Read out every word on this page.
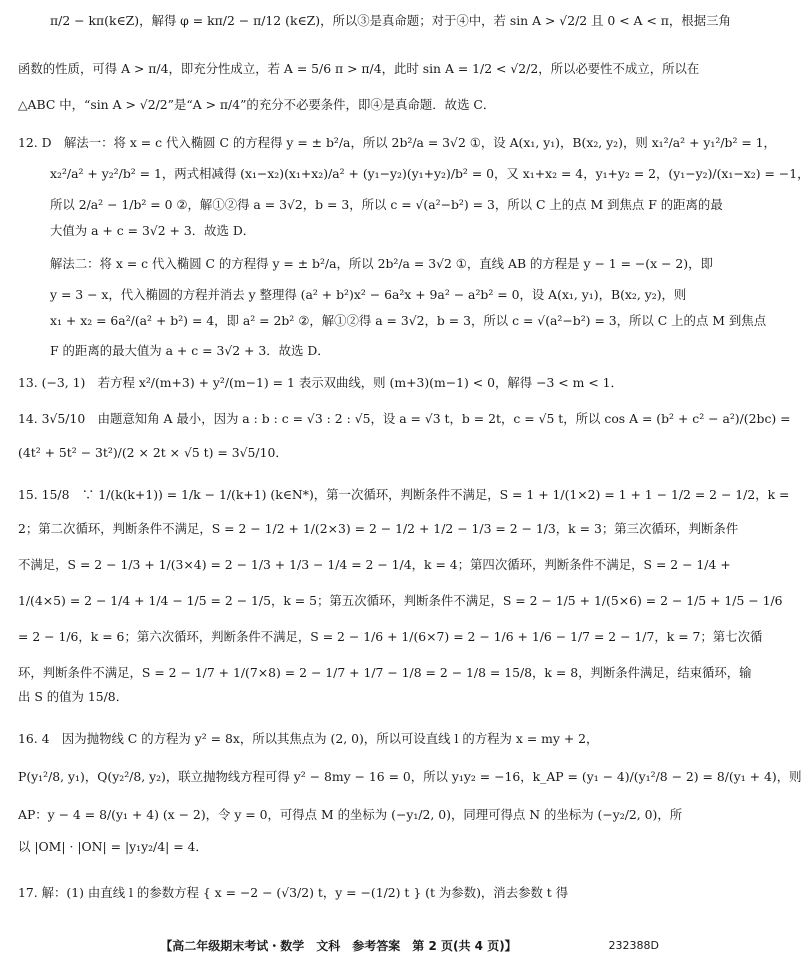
π/2 − kπ(k∈Z)，解得 φ = kπ/2 − π/12 (k∈Z)，所以③是真命题；对于④中，若 sin A > √2/2 且 0 < A < π，根据三角
函数的性质，可得 A > π/4，即充分性成立，若 A = 5/6 π > π/4，此时 sin A = 1/2 < √2/2，所以必要性不成立，所以在
△ABC 中，“sin A > √2/2”是“A > π/4”的充分不必要条件，即④是真命题．故选 C．
12. D　解法一：将 x = c 代入椭圆 C 的方程得 y = ± b²/a，所以 2b²/a = 3√2 ①，设 A(x₁, y₁)，B(x₂, y₂)，则 x₁²/a² + y₁²/b² = 1，
x₂²/a² + y₂²/b² = 1，两式相减得 (x₁−x₂)(x₁+x₂)/a² + (y₁−y₂)(y₁+y₂)/b² = 0，又 x₁+x₂ = 4，y₁+y₂ = 2，(y₁−y₂)/(x₁−x₂) = −1，
所以 2/a² − 1/b² = 0 ②，解①②得 a = 3√2，b = 3，所以 c = √(a²−b²) = 3，所以 C 上的点 M 到焦点 F 的距离的最
大值为 a + c = 3√2 + 3．故选 D．
解法二：将 x = c 代入椭圆 C 的方程得 y = ± b²/a，所以 2b²/a = 3√2 ①，直线 AB 的方程是 y − 1 = −(x − 2)，即
y = 3 − x，代入椭圆的方程并消去 y 整理得 (a² + b²)x² − 6a²x + 9a² − a²b² = 0，设 A(x₁, y₁)，B(x₂, y₂)，则
x₁ + x₂ = 6a²/(a² + b²) = 4，即 a² = 2b² ②，解①②得 a = 3√2，b = 3，所以 c = √(a²−b²) = 3，所以 C 上的点 M 到焦点
F 的距离的最大值为 a + c = 3√2 + 3．故选 D．
13. (−3, 1)　若方程 x²/(m+3) + y²/(m−1) = 1 表示双曲线，则 (m+3)(m−1) < 0，解得 −3 < m < 1．
14. 3√5/10　由题意知角 A 最小，因为 a : b : c = √3 : 2 : √5，设 a = √3 t，b = 2t，c = √5 t，所以 cos A = (b² + c² − a²)/(2bc) =
(4t² + 5t² − 3t²)/(2 × 2t × √5 t) = 3√5/10．
15. 15/8　∵ 1/(k(k+1)) = 1/k − 1/(k+1) (k∈N*)，第一次循环，判断条件不满足，S = 1 + 1/(1×2) = 1 + 1 − 1/2 = 2 − 1/2，k =
2；第二次循环，判断条件不满足，S = 2 − 1/2 + 1/(2×3) = 2 − 1/2 + 1/2 − 1/3 = 2 − 1/3，k = 3；第三次循环，判断条件
不满足，S = 2 − 1/3 + 1/(3×4) = 2 − 1/3 + 1/3 − 1/4 = 2 − 1/4，k = 4；第四次循环，判断条件不满足，S = 2 − 1/4 +
1/(4×5) = 2 − 1/4 + 1/4 − 1/5 = 2 − 1/5，k = 5；第五次循环，判断条件不满足，S = 2 − 1/5 + 1/(5×6) = 2 − 1/5 + 1/5 − 1/6
= 2 − 1/6，k = 6；第六次循环，判断条件不满足，S = 2 − 1/6 + 1/(6×7) = 2 − 1/6 + 1/6 − 1/7 = 2 − 1/7，k = 7；第七次循
环，判断条件不满足，S = 2 − 1/7 + 1/(7×8) = 2 − 1/7 + 1/7 − 1/8 = 2 − 1/8 = 15/8，k = 8，判断条件满足，结束循环，输
出 S 的值为 15/8．
16. 4　因为抛物线 C 的方程为 y² = 8x，所以其焦点为 (2, 0)，所以可设直线 l 的方程为 x = my + 2，
P(y₁²/8, y₁)，Q(y₂²/8, y₂)，联立抛物线方程可得 y² − 8my − 16 = 0，所以 y₁y₂ = −16，k_AP = (y₁ − 4)/(y₁²/8 − 2) = 8/(y₁ + 4)，则
AP：y − 4 = 8/(y₁ + 4) (x − 2)，令 y = 0，可得点 M 的坐标为 (−y₁/2, 0)，同理可得点 N 的坐标为 (−y₂/2, 0)，所
以 |OM| · |ON| = |y₁y₂/4| = 4．
17. 解：(1) 由直线 l 的参数方程 { x = −2 − (√3/2) t，y = −(1/2) t } (t 为参数)，消去参数 t 得
【高二年级期末考试・数学　文科　参考答案　第 2 页(共 4 页)】	232388D
